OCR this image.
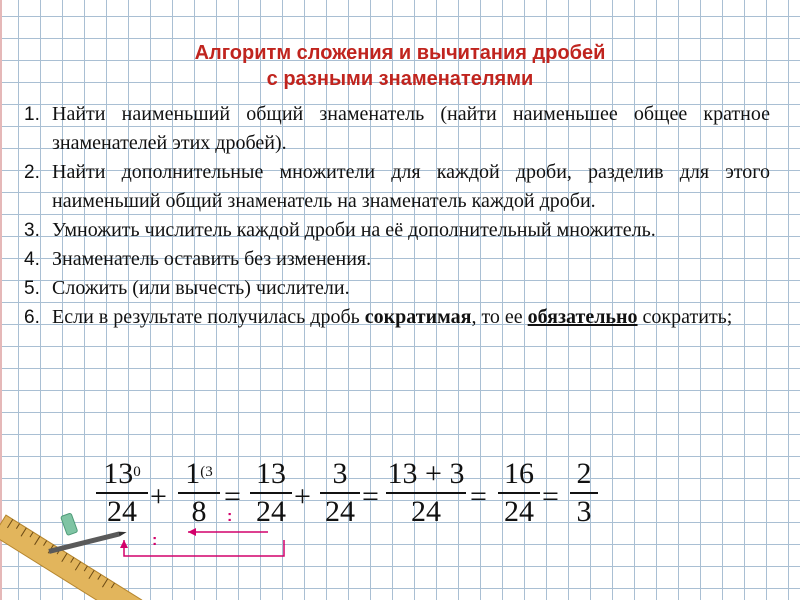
Алгоритм сложения и вычитания дробей
с разными знаменателями
1. Найти наименьший общий знаменатель (найти наименьшее общее кратное знаменателей этих дробей).
2. Найти дополнительные множители для каждой дроби, разделив для этого наименьший общий знаменатель на знаменатель каждой дроби.
3. Умножить числитель каждой дроби на её дополнительный множитель.
4. Знаменатель оставить без изменения.
5. Сложить (или вычесть) числители.
6. Если в результате получилась дробь сократимая, то ее обязательно сократить;
$13^0$
24 +
$1^{(3}$
8 =
13
24 +
3
24 =
13 + 3
24 =
16
24 =
2
3
:
:
